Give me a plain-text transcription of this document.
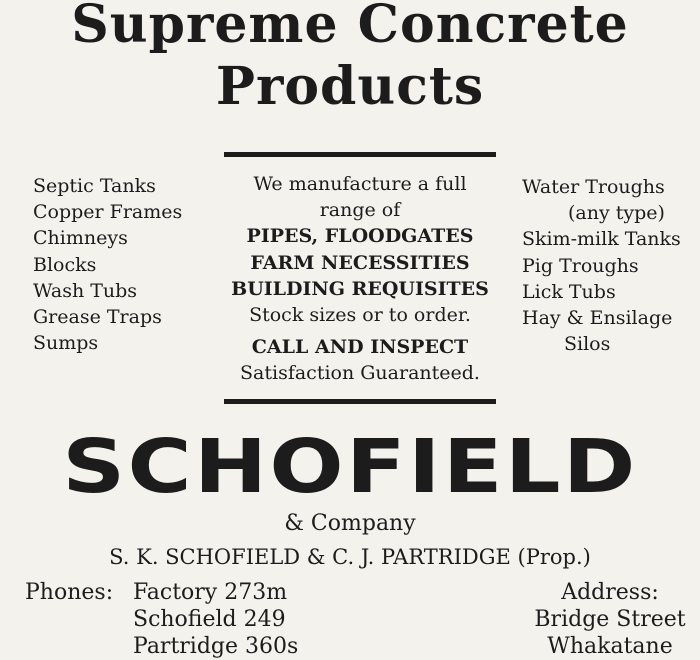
Supreme Concrete
Products
Septic Tanks
Copper Frames
Chimneys
Blocks
Wash Tubs
Grease Traps
Sumps
We manufacture a full
range of
PIPES, FLOODGATES
FARM NECESSITIES
BUILDING REQUISITES
Stock sizes or to order.
CALL AND INSPECT
Satisfaction Guaranteed.
Water Troughs
(any type)
Skim-milk Tanks
Pig Troughs
Lick Tubs
Hay & Ensilage
Silos
SCHOFIELD
& Company
S. K. SCHOFIELD & C. J. PARTRIDGE (Prop.)
Phones: Factory 273m
Schofield 249
Partridge 360s
Address:
Bridge Street
Whakatane
